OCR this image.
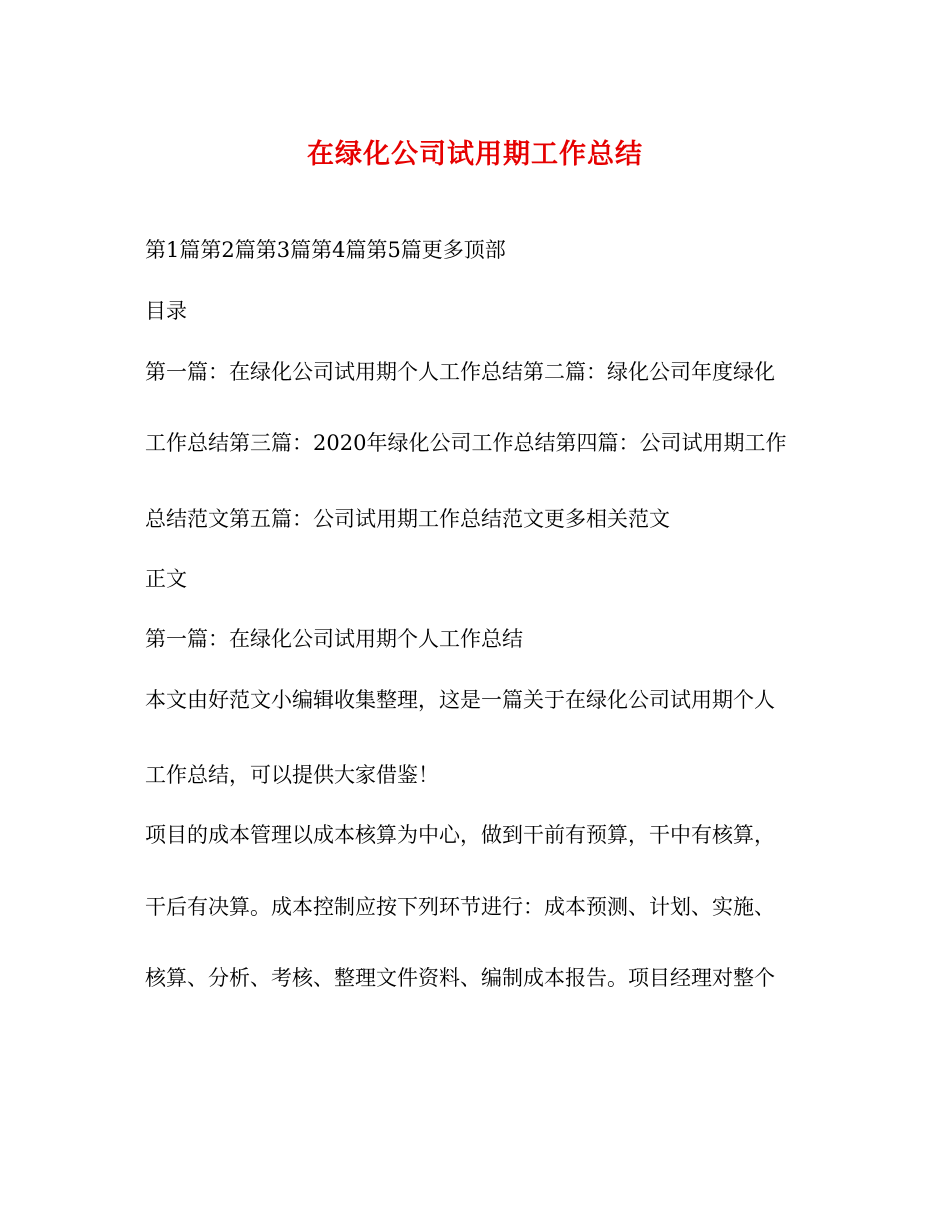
在绿化公司试用期工作总结

第1篇第2篇第3篇第4篇第5篇更多顶部

目录

第一篇：在绿化公司试用期个人工作总结第二篇：绿化公司年度绿化

工作总结第三篇：2020年绿化公司工作总结第四篇：公司试用期工作

总结范文第五篇：公司试用期工作总结范文更多相关范文

正文

第一篇：在绿化公司试用期个人工作总结

本文由好范文小编辑收集整理，这是一篇关于在绿化公司试用期个人

工作总结，可以提供大家借鉴！

项目的成本管理以成本核算为中心，做到干前有预算，干中有核算，

干后有决算。成本控制应按下列环节进行：成本预测、计划、实施、

核算、分析、考核、整理文件资料、编制成本报告。项目经理对整个
